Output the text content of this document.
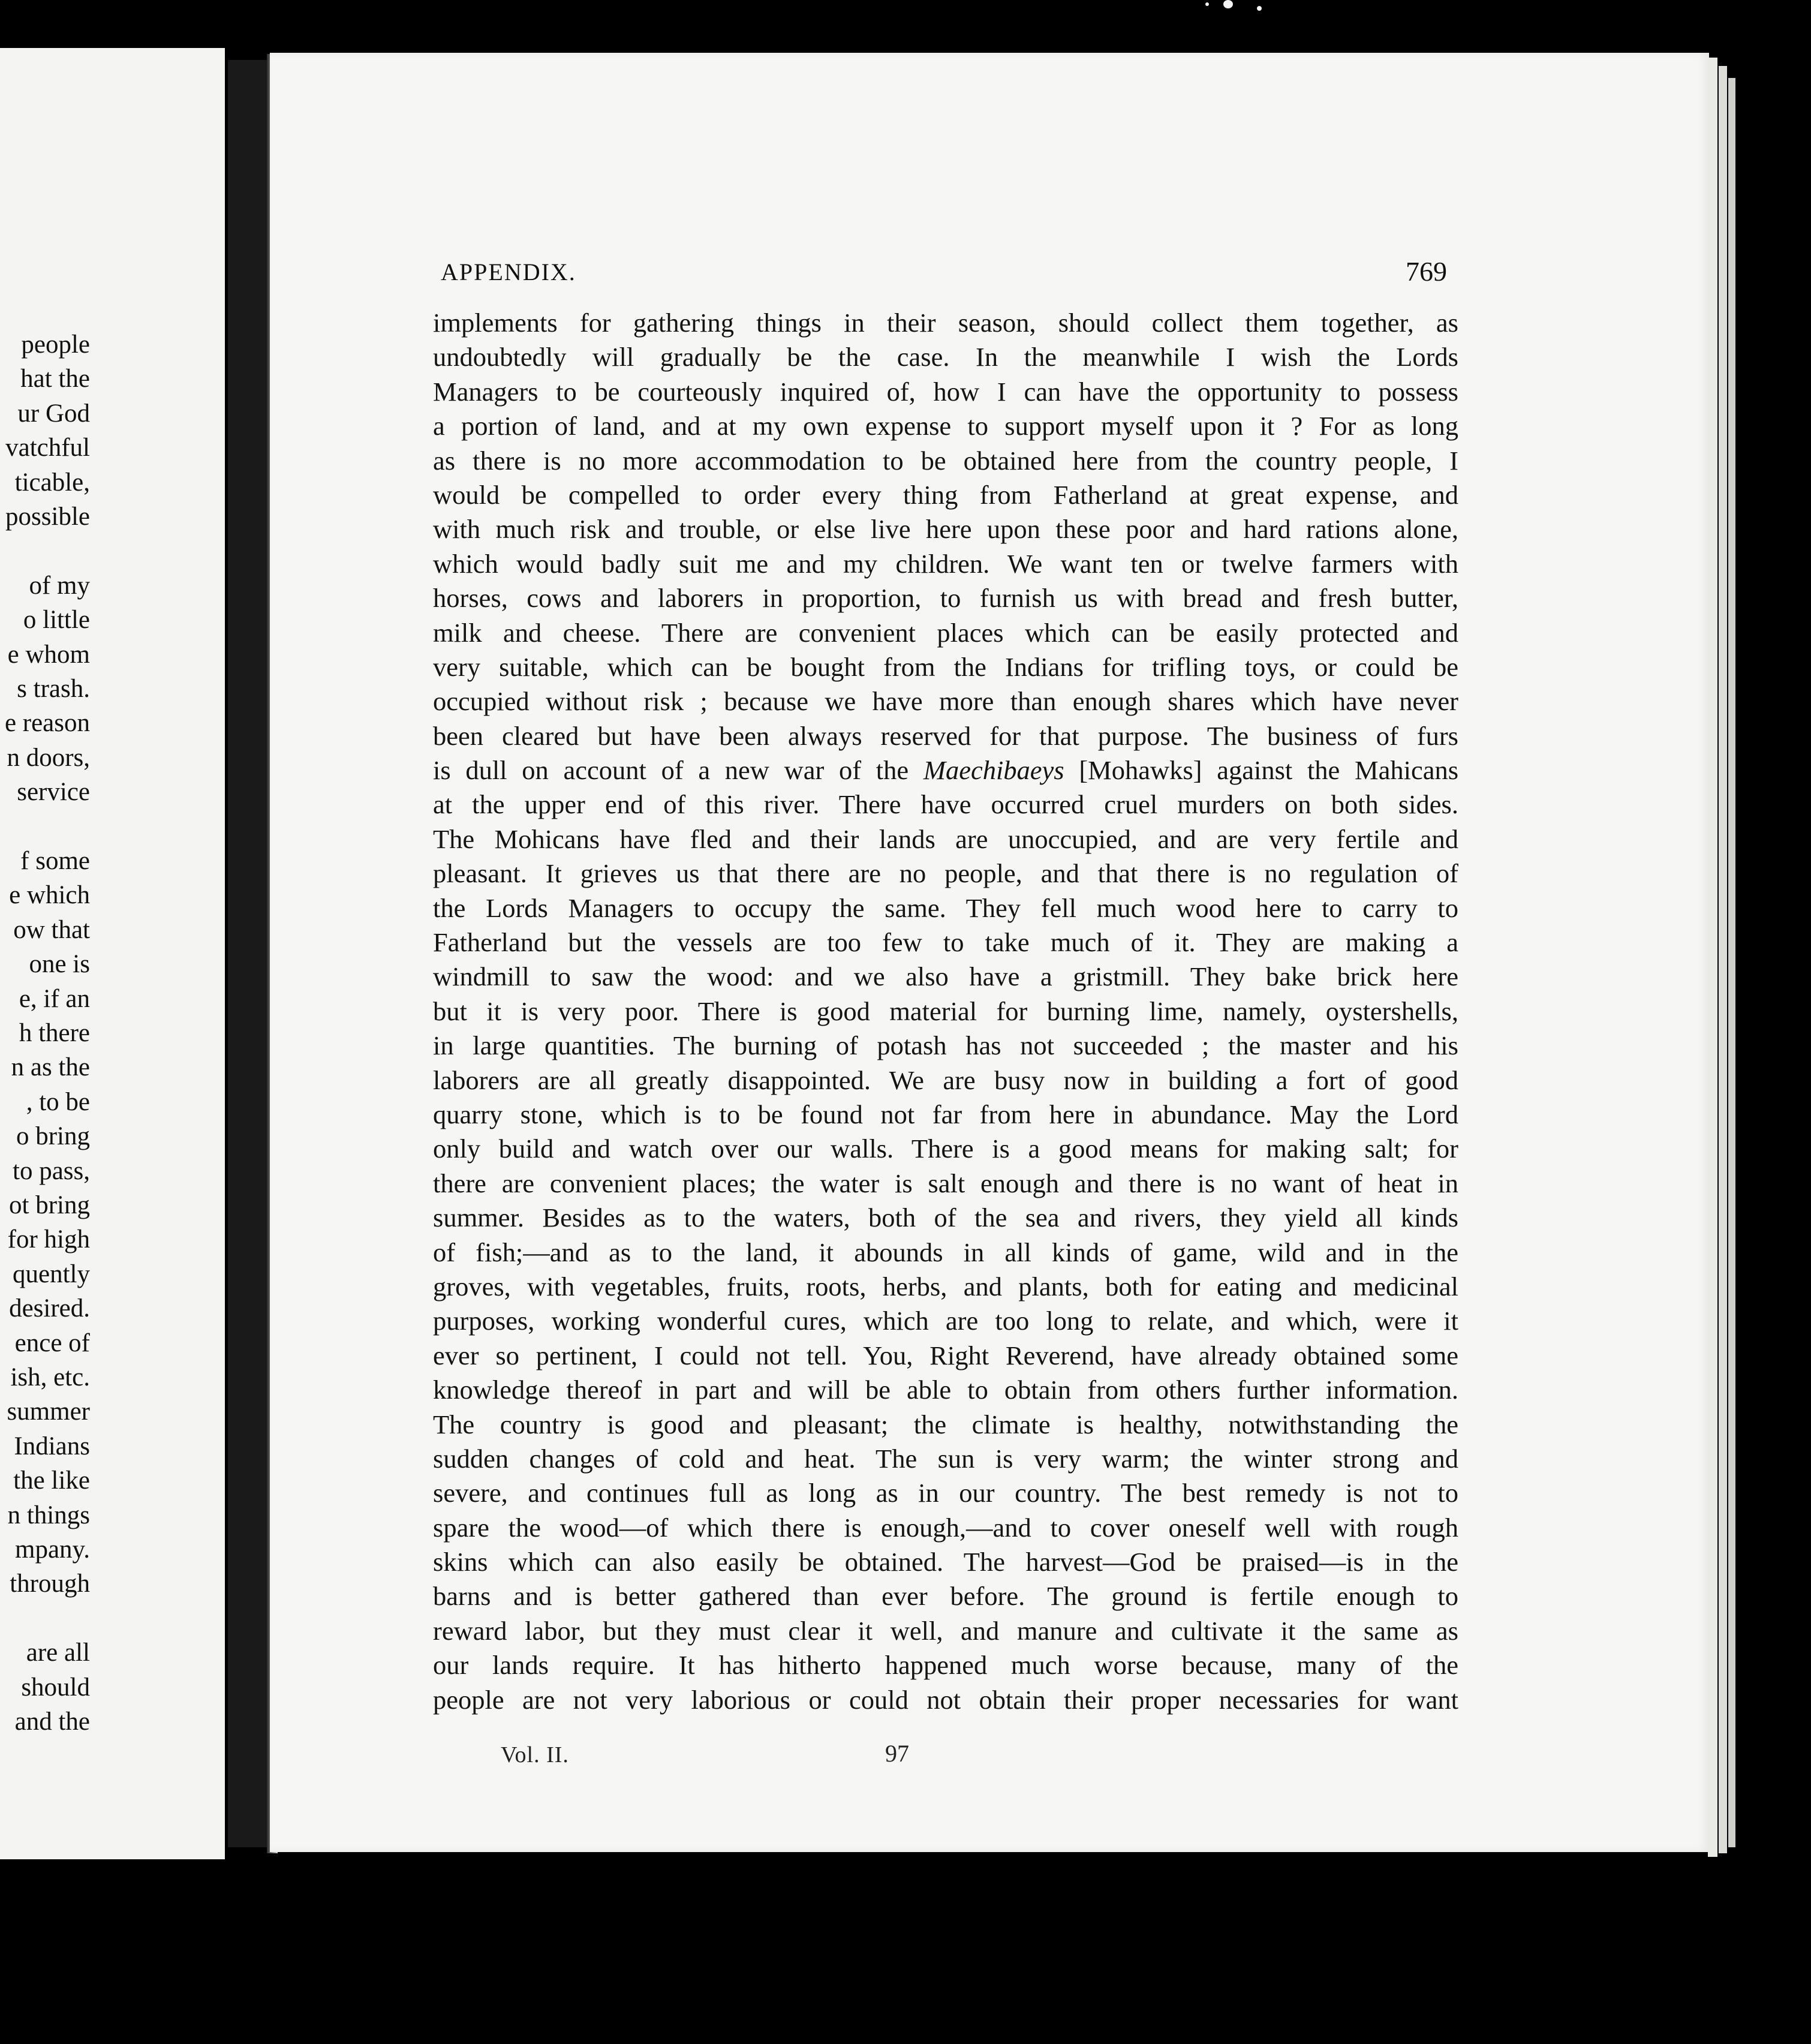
people
hat the
ur God
vatchful
ticable,
possible
of my
o little
e whom
s trash.
e reason
n doors,
service
f some
e which
ow that
one is
e, if an
h there
n as the
, to be
o bring
to pass,
ot bring
for high
quently
desired.
ence of
ish, etc.
summer
Indians
the like
n things
mpany.
through
are all
should
and the
APPENDIX.	769
implements for gathering things in their season, should collect them together, as
undoubtedly will gradually be the case. In the meanwhile I wish the Lords
Managers to be courteously inquired of, how I can have the opportunity to possess
a portion of land, and at my own expense to support myself upon it ? For as long
as there is no more accommodation to be obtained here from the country people, I
would be compelled to order every thing from Fatherland at great expense, and
with much risk and trouble, or else live here upon these poor and hard rations alone,
which would badly suit me and my children. We want ten or twelve farmers with
horses, cows and laborers in proportion, to furnish us with bread and fresh butter,
milk and cheese. There are convenient places which can be easily protected and
very suitable, which can be bought from the Indians for trifling toys, or could be
occupied without risk ; because we have more than enough shares which have never
been cleared but have been always reserved for that purpose. The business of furs
is dull on account of a new war of the Maechibaeys [Mohawks] against the Mahicans
at the upper end of this river. There have occurred cruel murders on both sides.
The Mohicans have fled and their lands are unoccupied, and are very fertile and
pleasant. It grieves us that there are no people, and that there is no regulation of
the Lords Managers to occupy the same. They fell much wood here to carry to
Fatherland but the vessels are too few to take much of it. They are making a
windmill to saw the wood: and we also have a gristmill. They bake brick here
but it is very poor. There is good material for burning lime, namely, oystershells,
in large quantities. The burning of potash has not succeeded ; the master and his
laborers are all greatly disappointed. We are busy now in building a fort of good
quarry stone, which is to be found not far from here in abundance. May the Lord
only build and watch over our walls. There is a good means for making salt; for
there are convenient places; the water is salt enough and there is no want of heat in
summer. Besides as to the waters, both of the sea and rivers, they yield all kinds
of fish;—and as to the land, it abounds in all kinds of game, wild and in the
groves, with vegetables, fruits, roots, herbs, and plants, both for eating and medicinal
purposes, working wonderful cures, which are too long to relate, and which, were it
ever so pertinent, I could not tell. You, Right Reverend, have already obtained some
knowledge thereof in part and will be able to obtain from others further information.
The country is good and pleasant; the climate is healthy, notwithstanding the
sudden changes of cold and heat. The sun is very warm; the winter strong and
severe, and continues full as long as in our country. The best remedy is not to
spare the wood—of which there is enough,—and to cover oneself well with rough
skins which can also easily be obtained. The harvest—God be praised—is in the
barns and is better gathered than ever before. The ground is fertile enough to
reward labor, but they must clear it well, and manure and cultivate it the same as
our lands require. It has hitherto happened much worse because, many of the
people are not very laborious or could not obtain their proper necessaries for want
Vol. II.	97
